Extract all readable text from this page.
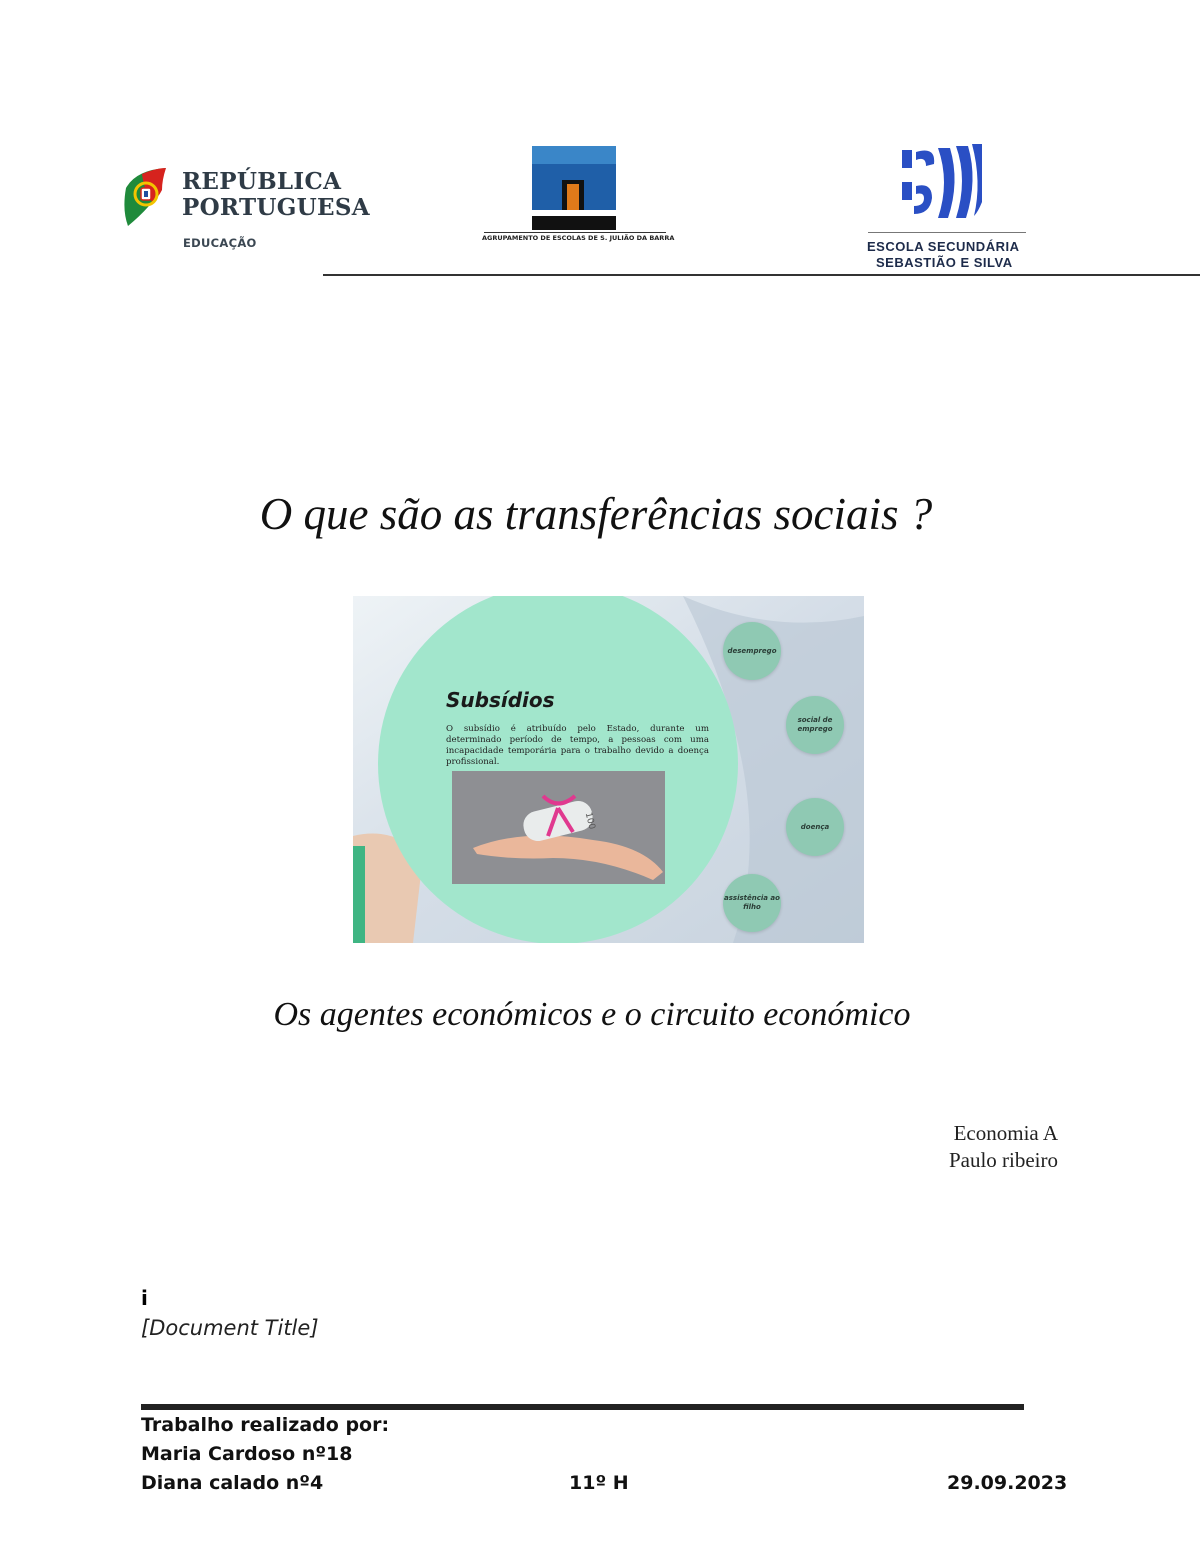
REPÚBLICA
PORTUGUESA
EDUCAÇÃO	AGRUPAMENTO DE ESCOLAS DE S. JULIÃO DA BARRA
ESCOLA SECUNDÁRIA
SEBASTIÃO E SILVA
O que são as transferências sociais ?
Subsídios
O subsídio é atribuído pelo Estado, durante um determinado período de tempo, a pessoas com uma incapacidade temporária para o trabalho devido a doença profissional.
desemprego
social de emprego
doença
assistência ao filho
100
Os agentes económicos e o circuito económico
Economia A
Paulo ribeiro
i
[Document Title]
Trabalho realizado por:
Maria Cardoso nº18
Diana calado nº4	11º H	29.09.2023
